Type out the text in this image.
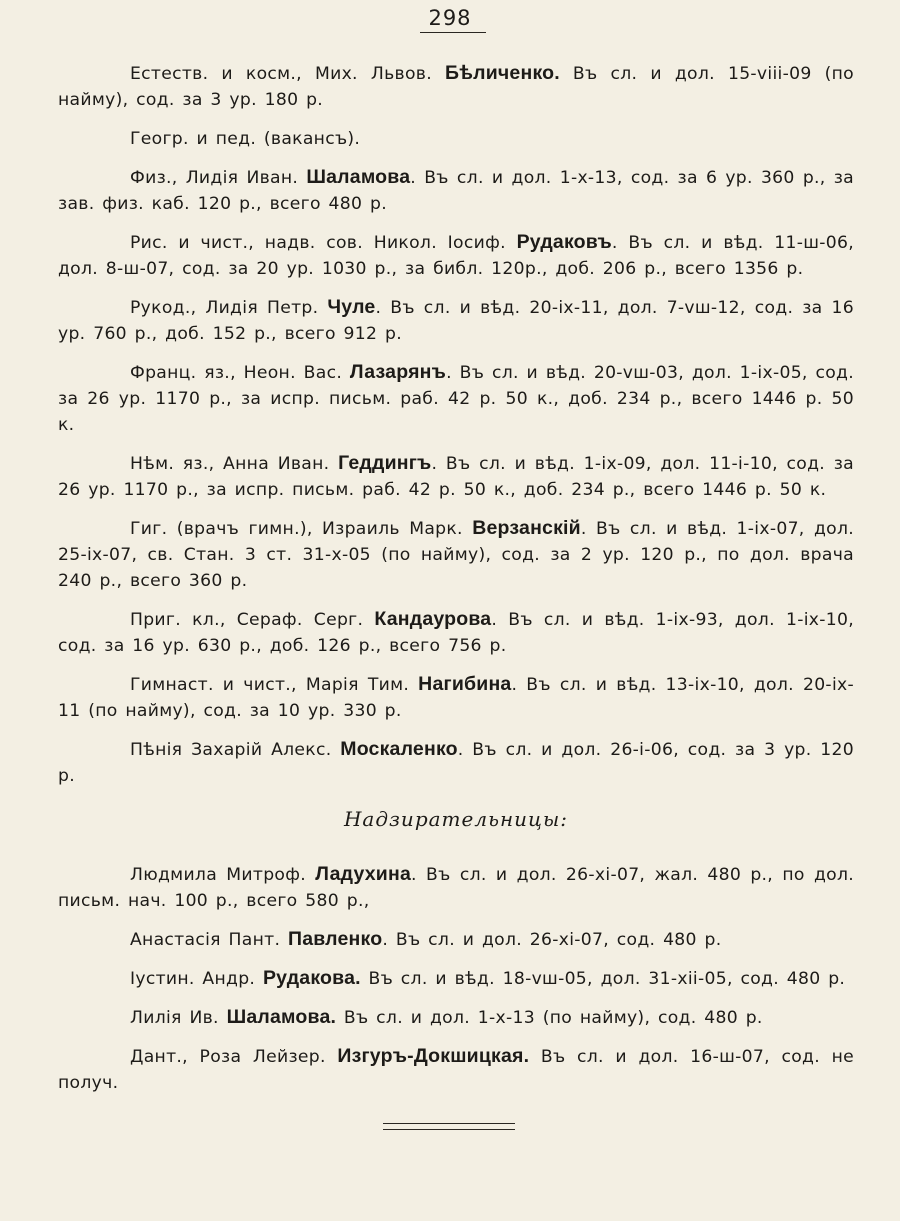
298

Естеств. и косм., Мих. Львов. Бѣличенко. Въ сл. и дол. 15-viii-09 (по найму), сод. за 3 ур. 180 р.

Геогр. и пед. (вакансъ).

Физ., Лидія Иван. Шаламова. Въ сл. и дол. 1-x-13, сод. за 6 ур. 360 р., за зав. физ. каб. 120 р., всего 480 р.

Рис. и чист., надв. сов. Никол. Іосиф. Рудаковъ. Въ сл. и вѣд. 11-ш-06, дол. 8-ш-07, сод. за 20 ур. 1030 р., за библ. 120р., доб. 206 р., всего 1356 р.

Рукод., Лидія Петр. Чуле. Въ сл. и вѣд. 20-ix-11, дол. 7-vш-12, сод. за 16 ур. 760 р., доб. 152 р., всего 912 р.

Франц. яз., Неон. Вас. Лазарянъ. Въ сл. и вѣд. 20-vш-03, дол. 1-ix-05, сод. за 26 ур. 1170 р., за испр. письм. раб. 42 р. 50 к., доб. 234 р., всего 1446 р. 50 к.

Нѣм. яз., Анна Иван. Геддингъ. Въ сл. и вѣд. 1-ix-09, дол. 11-i-10, сод. за 26 ур. 1170 р., за испр. письм. раб. 42 р. 50 к., доб. 234 р., всего 1446 р. 50 к.

Гиг. (врачъ гимн.), Израиль Марк. Верзанскій. Въ сл. и вѣд. 1-ix-07, дол. 25-ix-07, св. Стан. 3 ст. 31-x-05 (по найму), сод. за 2 ур. 120 р., по дол. врача 240 р., всего 360 р.

Приг. кл., Сераф. Серг. Кандаурова. Въ сл. и вѣд. 1-ix-93, дол. 1-ix-10, сод. за 16 ур. 630 р., доб. 126 р., всего 756 р.

Гимнаст. и чист., Марія Тим. Нагибина. Въ сл. и вѣд. 13-ix-10, дол. 20-ix-11 (по найму), сод. за 10 ур. 330 р.

Пѣнія Захарій Алекс. Москаленко. Въ сл. и дол. 26-i-06, сод. за 3 ур. 120 р.

Надзирательницы:

Людмила Митроф. Ладухина. Въ сл. и дол. 26-xi-07, жал. 480 р., по дол. письм. нач. 100 р., всего 580 р.,

Анастасія Пант. Павленко. Въ сл. и дол. 26-xi-07, сод. 480 р.

Іустин. Андр. Рудакова. Въ сл. и вѣд. 18-vш-05, дол. 31-xii-05, сод. 480 р.

Лилія Ив. Шаламова. Въ сл. и дол. 1-x-13 (по найму), сод. 480 р.

Дант., Роза Лейзер. Изгуръ-Докшицкая. Въ сл. и дол. 16-ш-07, сод. не получ.
